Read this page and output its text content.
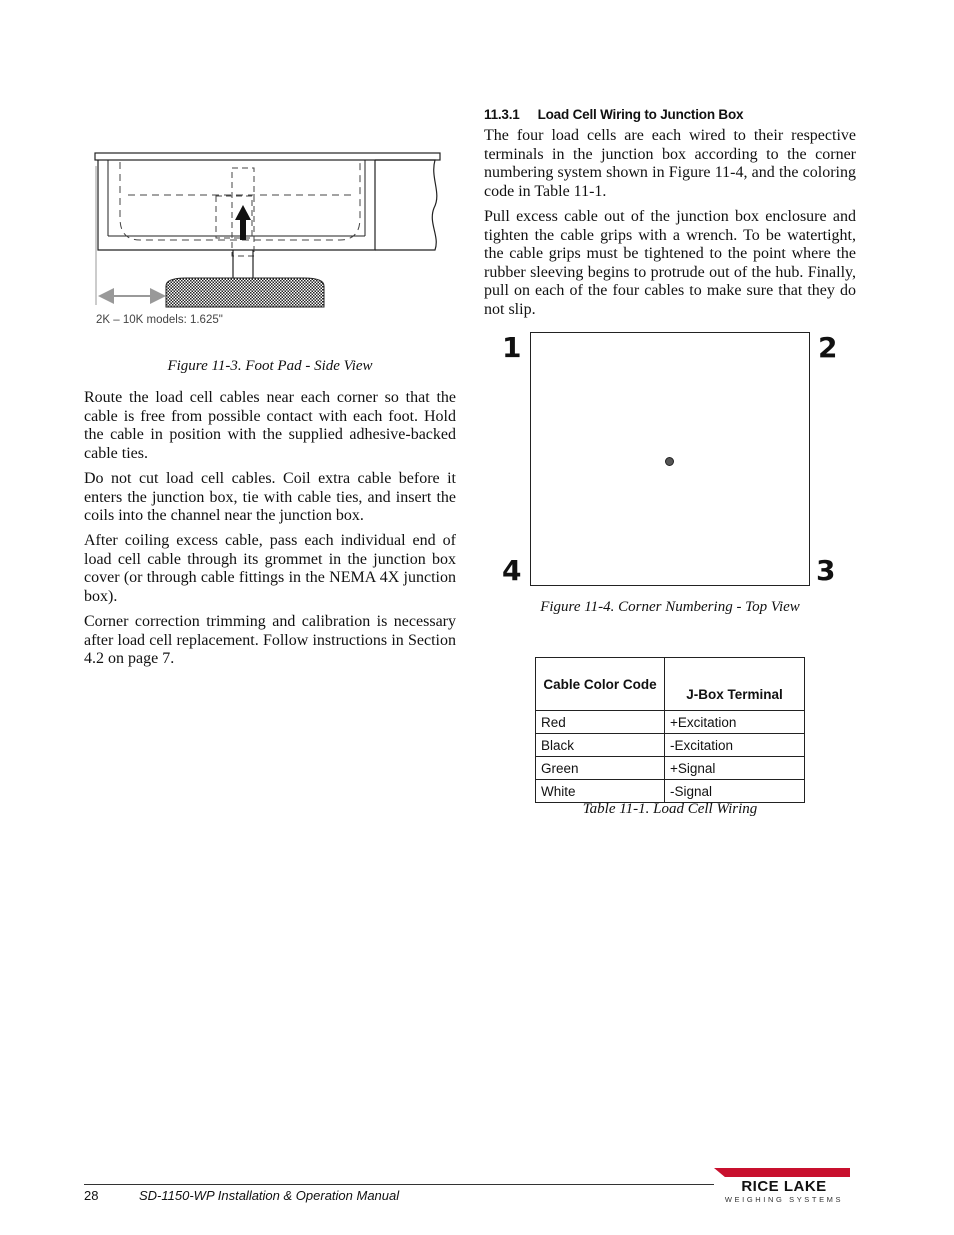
2K – 10K models: 1.625"
Figure 11-3. Foot Pad - Side View

Route the load cell cables near each corner so that the cable is free from possible contact with each foot. Hold the cable in position with the supplied adhesive-backed cable ties.

Do not cut load cell cables. Coil extra cable before it enters the junction box, tie with cable ties, and insert the coils into the channel near the junction box.

After coiling excess cable, pass each individual end of load cell cable through its grommet in the junction box cover (or through cable fittings in the NEMA 4X junction box).

Corner correction trimming and calibration is necessary after load cell replacement. Follow instructions in Section 4.2 on page 7.

11.3.1 Load Cell Wiring to Junction Box

The four load cells are each wired to their respective terminals in the junction box according to the corner numbering system shown in Figure 11-4, and the coloring code in Table 11-1.

Pull excess cable out of the junction box enclosure and tighten the cable grips with a wrench. To be watertight, the cable grips must be tightened to the point where the rubber sleeving begins to protrude out of the hub. Finally, pull on each of the four cables to make sure that they do not slip.

1	2
3
4
Figure 11-4. Corner Numbering - Top View
Cable Color Code	J-Box Terminal
Red	+Excitation
Black	-Excitation
Green	+Signal
White	-Signal
Table 11-1. Load Cell Wiring
28	SD-1150-WP Installation & Operation Manual
RICE LAKE
WEIGHING SYSTEMS
